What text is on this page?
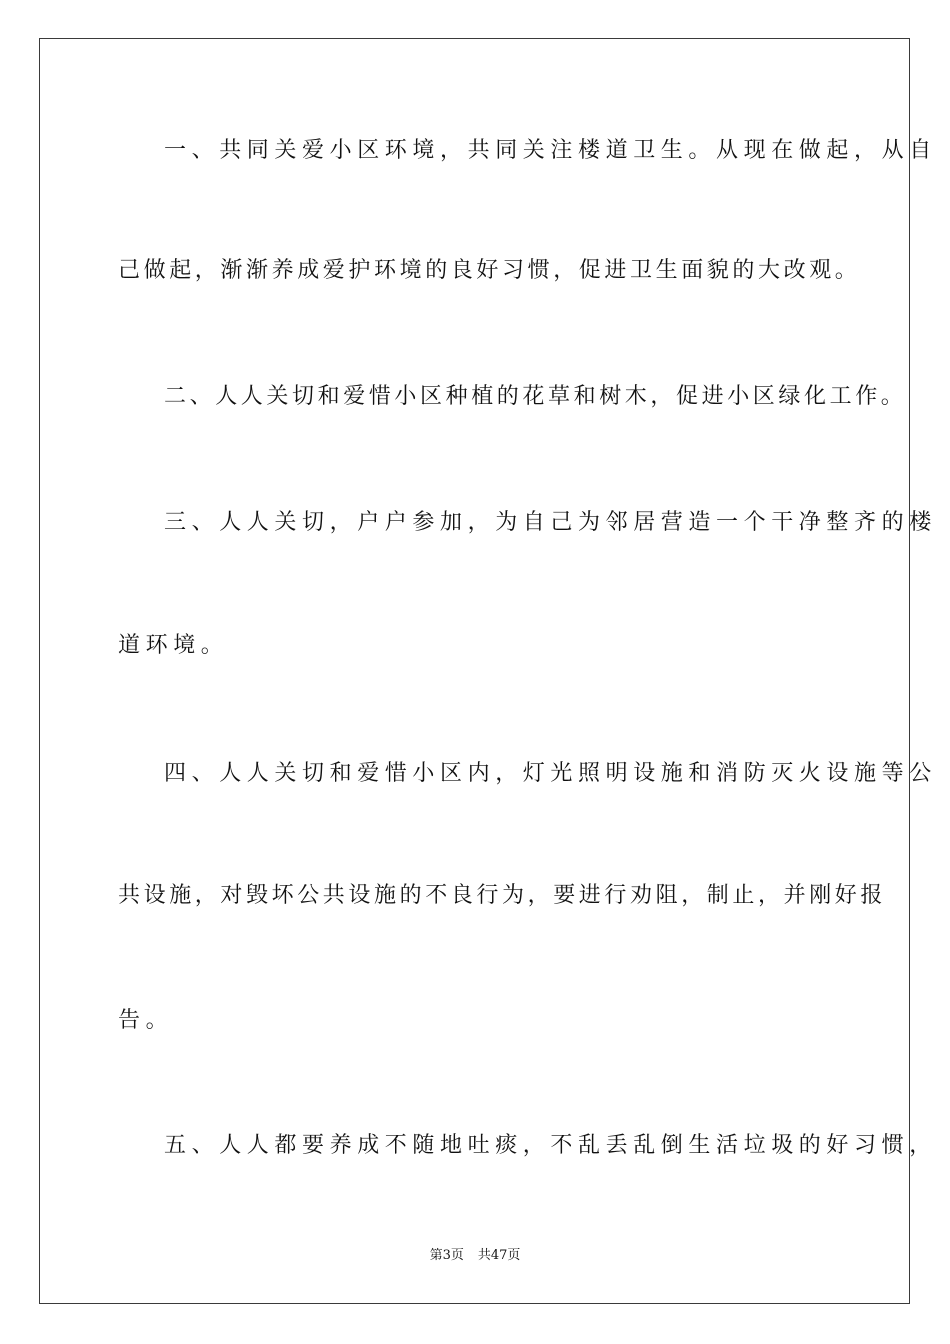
一、共同关爱小区环境，共同关注楼道卫生。从现在做起，从自
己做起，渐渐养成爱护环境的良好习惯，促进卫生面貌的大改观。
二、人人关切和爱惜小区种植的花草和树木，促进小区绿化工作。
三、人人关切，户户参加，为自己为邻居营造一个干净整齐的楼
道环境。
四、人人关切和爱惜小区内，灯光照明设施和消防灭火设施等公
共设施，对毁坏公共设施的不良行为，要进行劝阻，制止，并刚好报
告。
五、人人都要养成不随地吐痰，不乱丢乱倒生活垃圾的好习惯，
第3页 共47页
